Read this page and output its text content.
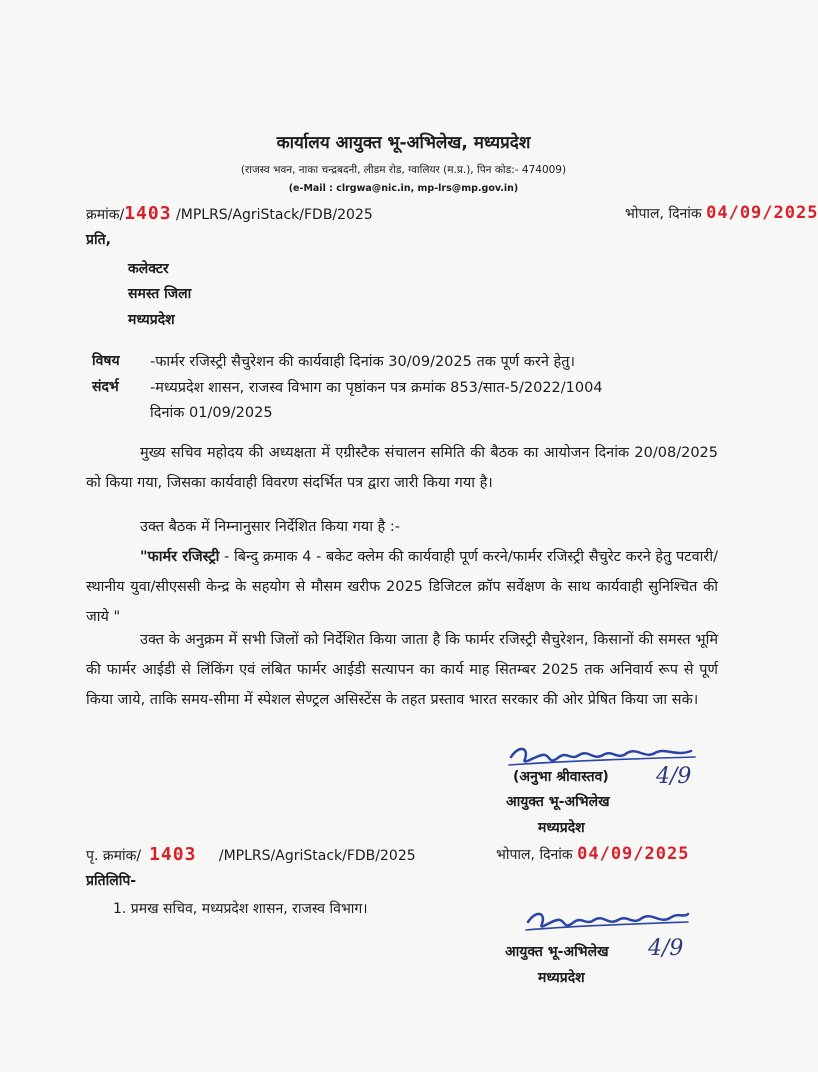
कार्यालय आयुक्त भू-अभिलेख, मध्यप्रदेश
(राजस्व भवन, नाका चन्द्रबदनी, लीडम रोड, ग्वालियर (म.प्र.), पिन कोड:- 474009)
(e-Mail : clrgwa@nic.in, mp-lrs@mp.gov.in)
क्रमांक/1403 /MPLRS/AgriStack/FDB/2025	भोपाल, दिनांक 04/09/2025
प्रति,
कलेक्टर
समस्त जिला
मध्यप्रदेश
विषय -फार्मर रजिस्ट्री सैचुरेशन की कार्यवाही दिनांक 30/09/2025 तक पूर्ण करने हेतु।
संदर्भ -मध्यप्रदेश शासन, राजस्व विभाग का पृष्ठांकन पत्र क्रमांक 853/सात-5/2022/1004
दिनांक 01/09/2025
मुख्य सचिव महोदय की अध्यक्षता में एग्रीस्टैक संचालन समिति की बैठक का आयोजन दिनांक 20/08/2025 को किया गया, जिसका कार्यवाही विवरण संदर्भित पत्र द्वारा जारी किया गया है।
उक्त बैठक में निम्नानुसार निर्देशित किया गया है :-
"फार्मर रजिस्ट्री - बिन्दु क्रमाक 4 - बकेट क्लेम की कार्यवाही पूर्ण करने/फार्मर रजिस्ट्री सैचुरेट करने हेतु पटवारी/स्थानीय युवा/सीएससी केन्द्र के सहयोग से मौसम खरीफ 2025 डिजिटल क्रॉप सर्वेक्षण के साथ कार्यवाही सुनिश्चित की जाये "
उक्त के अनुक्रम में सभी जिलों को निर्देशित किया जाता है कि फार्मर रजिस्ट्री सैचुरेशन, किसानों की समस्त भूमि की फार्मर आईडी से लिंकिंग एवं लंबित फार्मर आईडी सत्यापन का कार्य माह सितम्बर 2025 तक अनिवार्य रूप से पूर्ण किया जाये, ताकि समय-सीमा में स्पेशल सेण्ट्रल असिस्टेंस के तहत प्रस्ताव भारत सरकार की ओर प्रेषित किया जा सके।
(अनुभा श्रीवास्तव) 4/9
आयुक्त भू-अभिलेख
मध्यप्रदेश
पृ. क्रमांक/ 1403 /MPLRS/AgriStack/FDB/2025	भोपाल, दिनांक 04/09/2025
प्रतिलिपि-
1. प्रमख सचिव, मध्यप्रदेश शासन, राजस्व विभाग।
आयुक्त भू-अभिलेख 4/9
मध्यप्रदेश
